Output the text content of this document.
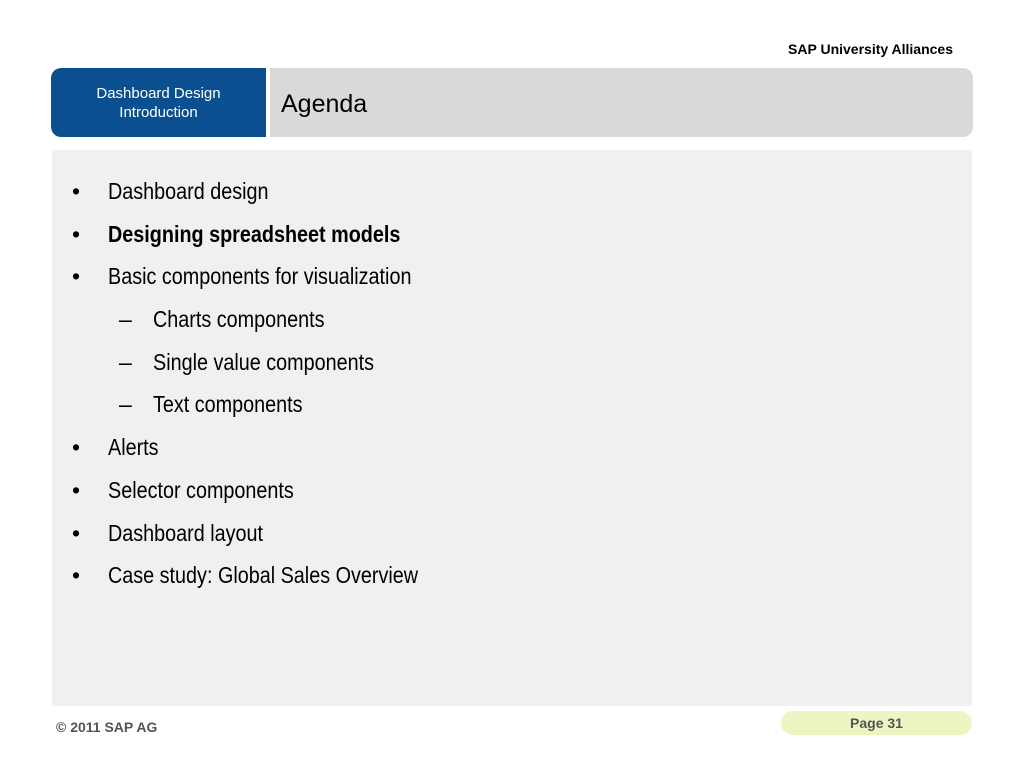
SAP University Alliances
Dashboard Design
Introduction	Agenda
• Dashboard design
• Designing spreadsheet models
• Basic components for visualization
– Charts components
– Single value components
– Text components
• Alerts
• Selector components
• Dashboard layout
• Case study: Global Sales Overview
© 2011 SAP AG	Page 31
